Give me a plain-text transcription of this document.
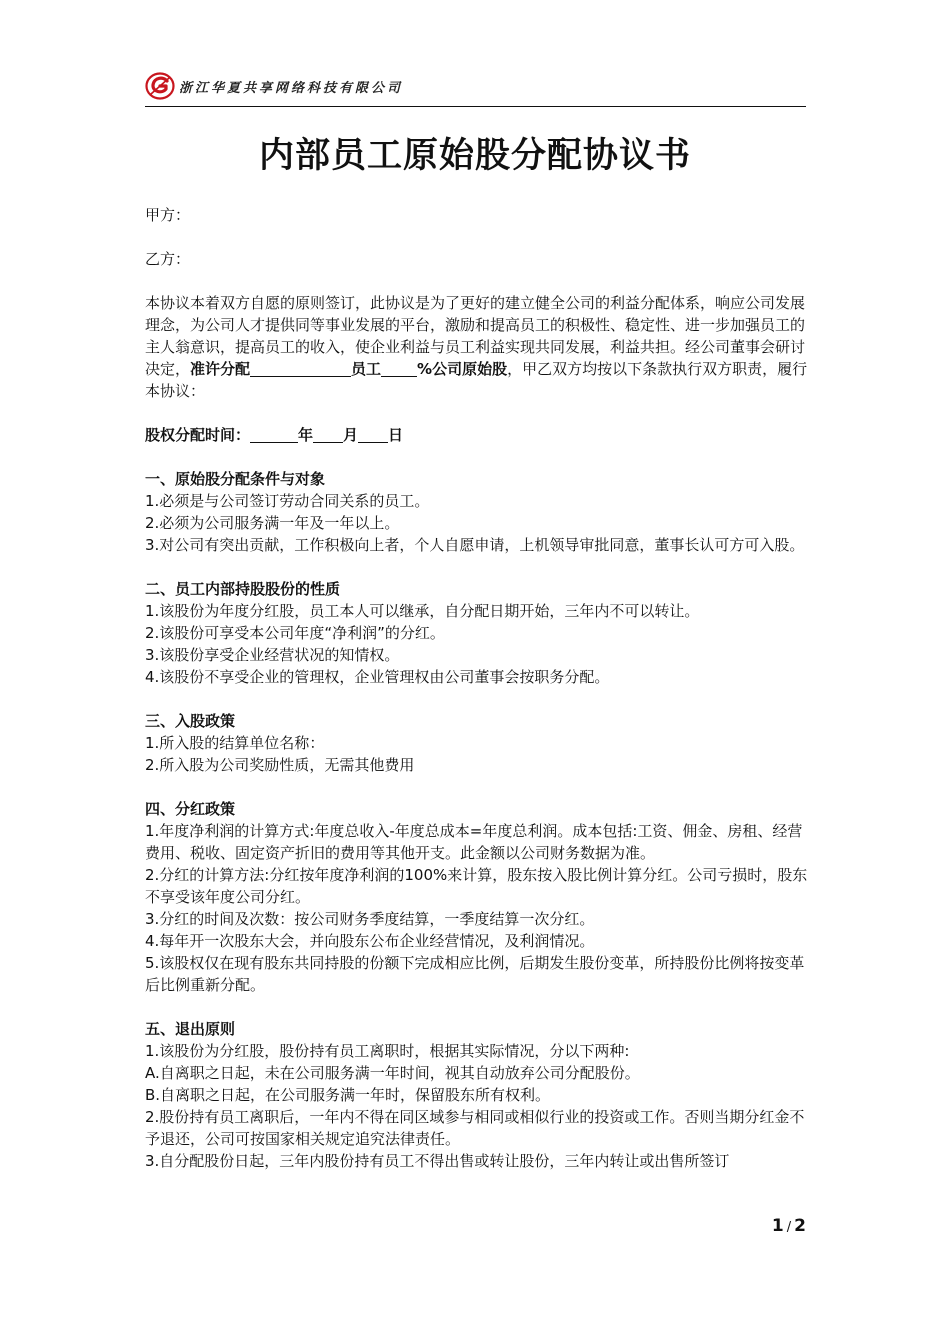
浙江华夏共享网络科技有限公司
内部员工原始股分配协议书

甲方：

乙方：

本协议本着双方自愿的原则签订，此协议是为了更好的建立健全公司的利益分配体系，响应公司发展理念，为公司人才提供同等事业发展的平台，激励和提高员工的积极性、稳定性、进一步加强员工的主人翁意识，提高员工的收入，使企业利益与员工利益实现共同发展，利益共担。经公司董事会研讨决定，准许分配	员工 %公司原始股，甲乙双方均按以下条款执行双方职责，履行本协议：

股权分配时间：	年 月 日

一、原始股分配条件与对象

1.必须是与公司签订劳动合同关系的员工。

2.必须为公司服务满一年及一年以上。

3.对公司有突出贡献，工作积极向上者，个人自愿申请，上机领导审批同意，董事长认可方可入股。

二、员工内部持股股份的性质

1.该股份为年度分红股，员工本人可以继承，自分配日期开始，三年内不可以转让。

2.该股份可享受本公司年度“净利润”的分红。

3.该股份享受企业经营状况的知情权。

4.该股份不享受企业的管理权，企业管理权由公司董事会按职务分配。

三、入股政策

1.所入股的结算单位名称：

2.所入股为公司奖励性质，无需其他费用

四、分红政策

1.年度净利润的计算方式:年度总收入-年度总成本=年度总利润。成本包括:工资、佣金、房租、经营费用、税收、固定资产折旧的费用等其他开支。此金额以公司财务数据为准。

2.分红的计算方法:分红按年度净利润的100%来计算，股东按入股比例计算分红。公司亏损时，股东不享受该年度公司分红。

3.分红的时间及次数：按公司财务季度结算，一季度结算一次分红。

4.每年开一次股东大会，并向股东公布企业经营情况，及利润情况。

5.该股权仅在现有股东共同持股的份额下完成相应比例，后期发生股份变革，所持股份比例将按变革后比例重新分配。

五、退出原则

1.该股份为分红股，股份持有员工离职时，根据其实际情况，分以下两种:

A.自离职之日起，未在公司服务满一年时间，视其自动放弃公司分配股份。

B.自离职之日起，在公司服务满一年时，保留股东所有权利。

2.股份持有员工离职后，一年内不得在同区域参与相同或相似行业的投资或工作。否则当期分红金不予退还，公司可按国家相关规定追究法律责任。

3.自分配股份日起，三年内股份持有员工不得出售或转让股份，三年内转让或出售所签订

1 / 2
